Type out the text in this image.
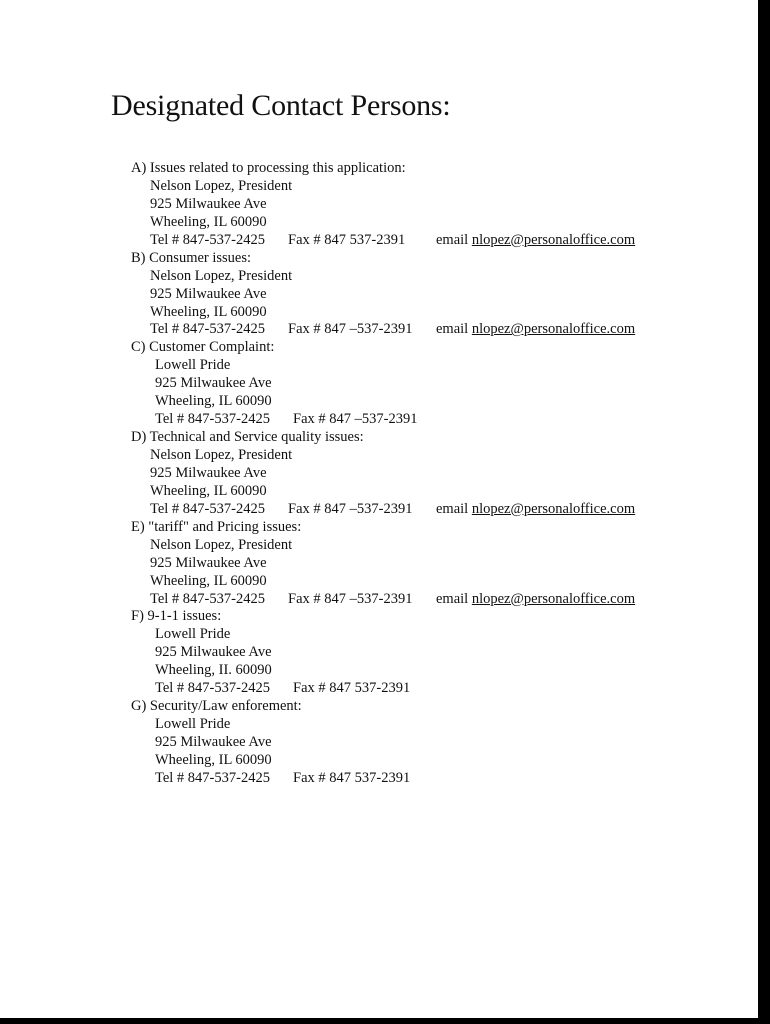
Designated Contact Persons:
A) Issues related to processing this application:
Nelson Lopez, President
925 Milwaukee Ave
Wheeling, IL 60090
Tel # 847-537-2425 Fax # 847 537-2391 email nlopez@personaloffice.com
B) Consumer issues:
Nelson Lopez, President
925 Milwaukee Ave
Wheeling, IL 60090
Tel # 847-537-2425 Fax # 847 –537-2391 email nlopez@personaloffice.com
C) Customer Complaint:
Lowell Pride
925 Milwaukee Ave
Wheeling, IL 60090
Tel # 847-537-2425 Fax # 847 –537-2391
D) Technical and Service quality issues:
Nelson Lopez, President
925 Milwaukee Ave
Wheeling, IL 60090
Tel # 847-537-2425 Fax # 847 –537-2391 email nlopez@personaloffice.com
E) "tariff" and Pricing issues:
Nelson Lopez, President
925 Milwaukee Ave
Wheeling, IL 60090
Tel # 847-537-2425 Fax # 847 –537-2391 email nlopez@personaloffice.com
F) 9-1-1 issues:
Lowell Pride
925 Milwaukee Ave
Wheeling, II. 60090
Tel # 847-537-2425 Fax # 847 537-2391
G) Security/Law enforement:
Lowell Pride
925 Milwaukee Ave
Wheeling, IL 60090
Tel # 847-537-2425 Fax # 847 537-2391
